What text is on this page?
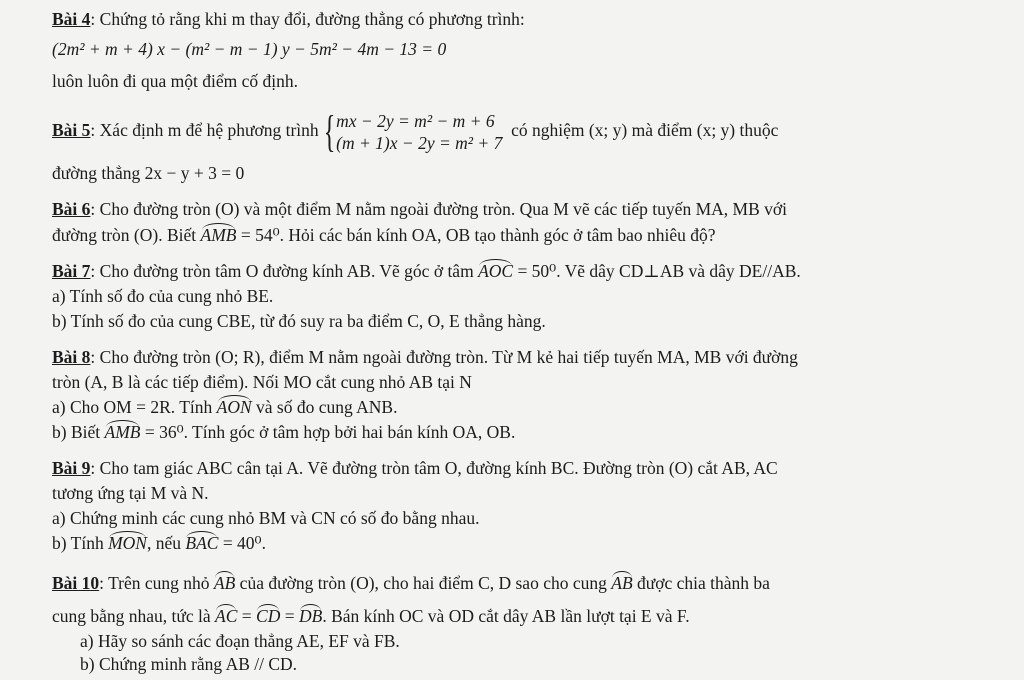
Bài 4: Chứng tỏ rằng khi m thay đổi, đường thẳng có phương trình:
(2m² + m + 4) x − (m² − m − 1) y − 5m² − 4m − 13 = 0
luôn luôn đi qua một điểm cố định.
Bài 5: Xác định m để hệ phương trình {mx − 2y = m² − m + 6
(m + 1)x − 2y = m² + 7  có nghiệm (x; y) mà điểm (x; y) thuộc
đường thẳng 2x − y + 3 = 0
Bài 6: Cho đường tròn (O) và một điểm M nằm ngoài đường tròn. Qua M vẽ các tiếp tuyến MA, MB với
đường tròn (O). Biết AMB = 54⁰. Hỏi các bán kính OA, OB tạo thành góc ở tâm bao nhiêu độ?
Bài 7: Cho đường tròn tâm O đường kính AB. Vẽ góc ở tâm AOC = 50⁰. Vẽ dây CD⊥AB và dây DE//AB.
a) Tính số đo của cung nhỏ BE.
b) Tính số đo của cung CBE, từ đó suy ra ba điểm C, O, E thẳng hàng.
Bài 8: Cho đường tròn (O; R), điểm M nằm ngoài đường tròn. Từ M kẻ hai tiếp tuyến MA, MB với đường
tròn (A, B là các tiếp điểm). Nối MO cắt cung nhỏ AB tại N
a) Cho OM = 2R. Tính AON và số đo cung ANB.
b) Biết AMB = 36⁰. Tính góc ở tâm hợp bởi hai bán kính OA, OB.
Bài 9: Cho tam giác ABC cân tại A. Vẽ đường tròn tâm O, đường kính BC. Đường tròn (O) cắt AB, AC
tương ứng tại M và N.
a) Chứng minh các cung nhỏ BM và CN có số đo bằng nhau.
b) Tính MON, nếu BAC = 40⁰.
Bài 10: Trên cung nhỏ AB của đường tròn (O), cho hai điểm C, D sao cho cung AB được chia thành ba
cung bằng nhau, tức là AC = CD = DB. Bán kính OC và OD cắt dây AB lần lượt tại E và F.
a) Hãy so sánh các đoạn thẳng AE, EF và FB.
b) Chứng minh rằng AB // CD.
